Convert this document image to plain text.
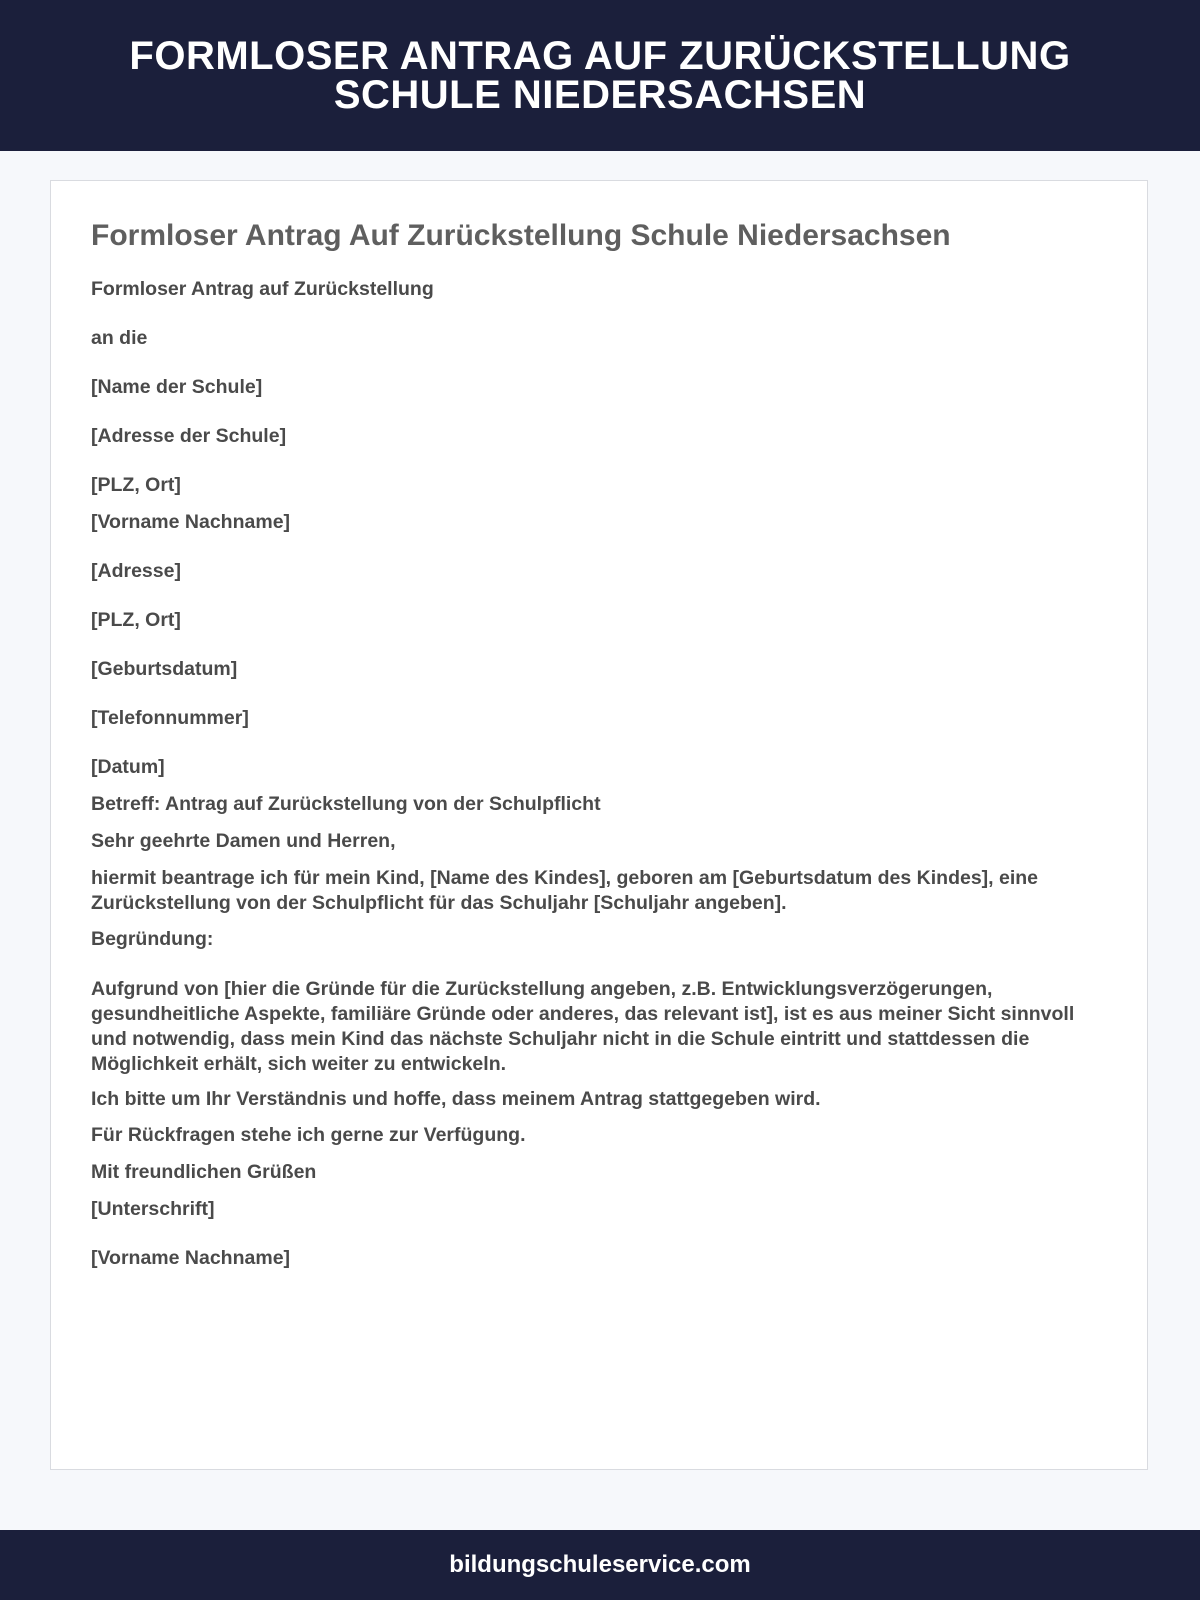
FORMLOSER ANTRAG AUF ZURÜCKSTELLUNG SCHULE NIEDERSACHSEN
Formloser Antrag Auf Zurückstellung Schule Niedersachsen

Formloser Antrag auf Zurückstellung

an die

[Name der Schule]

[Adresse der Schule]

[PLZ, Ort]

[Vorname Nachname]

[Adresse]

[PLZ, Ort]

[Geburtsdatum]

[Telefonnummer]

[Datum]

Betreff: Antrag auf Zurückstellung von der Schulpflicht

Sehr geehrte Damen und Herren,

hiermit beantrage ich für mein Kind, [Name des Kindes], geboren am [Geburtsdatum des Kindes], eine Zurückstellung von der Schulpflicht für das Schuljahr [Schuljahr angeben].

Begründung:

Aufgrund von [hier die Gründe für die Zurückstellung angeben, z.B. Entwicklungsverzögerungen, gesundheitliche Aspekte, familiäre Gründe oder anderes, das relevant ist], ist es aus meiner Sicht sinnvoll und notwendig, dass mein Kind das nächste Schuljahr nicht in die Schule eintritt und stattdessen die Möglichkeit erhält, sich weiter zu entwickeln.

Ich bitte um Ihr Verständnis und hoffe, dass meinem Antrag stattgegeben wird.

Für Rückfragen stehe ich gerne zur Verfügung.

Mit freundlichen Grüßen

[Unterschrift]

[Vorname Nachname]

bildungschuleservice.com
